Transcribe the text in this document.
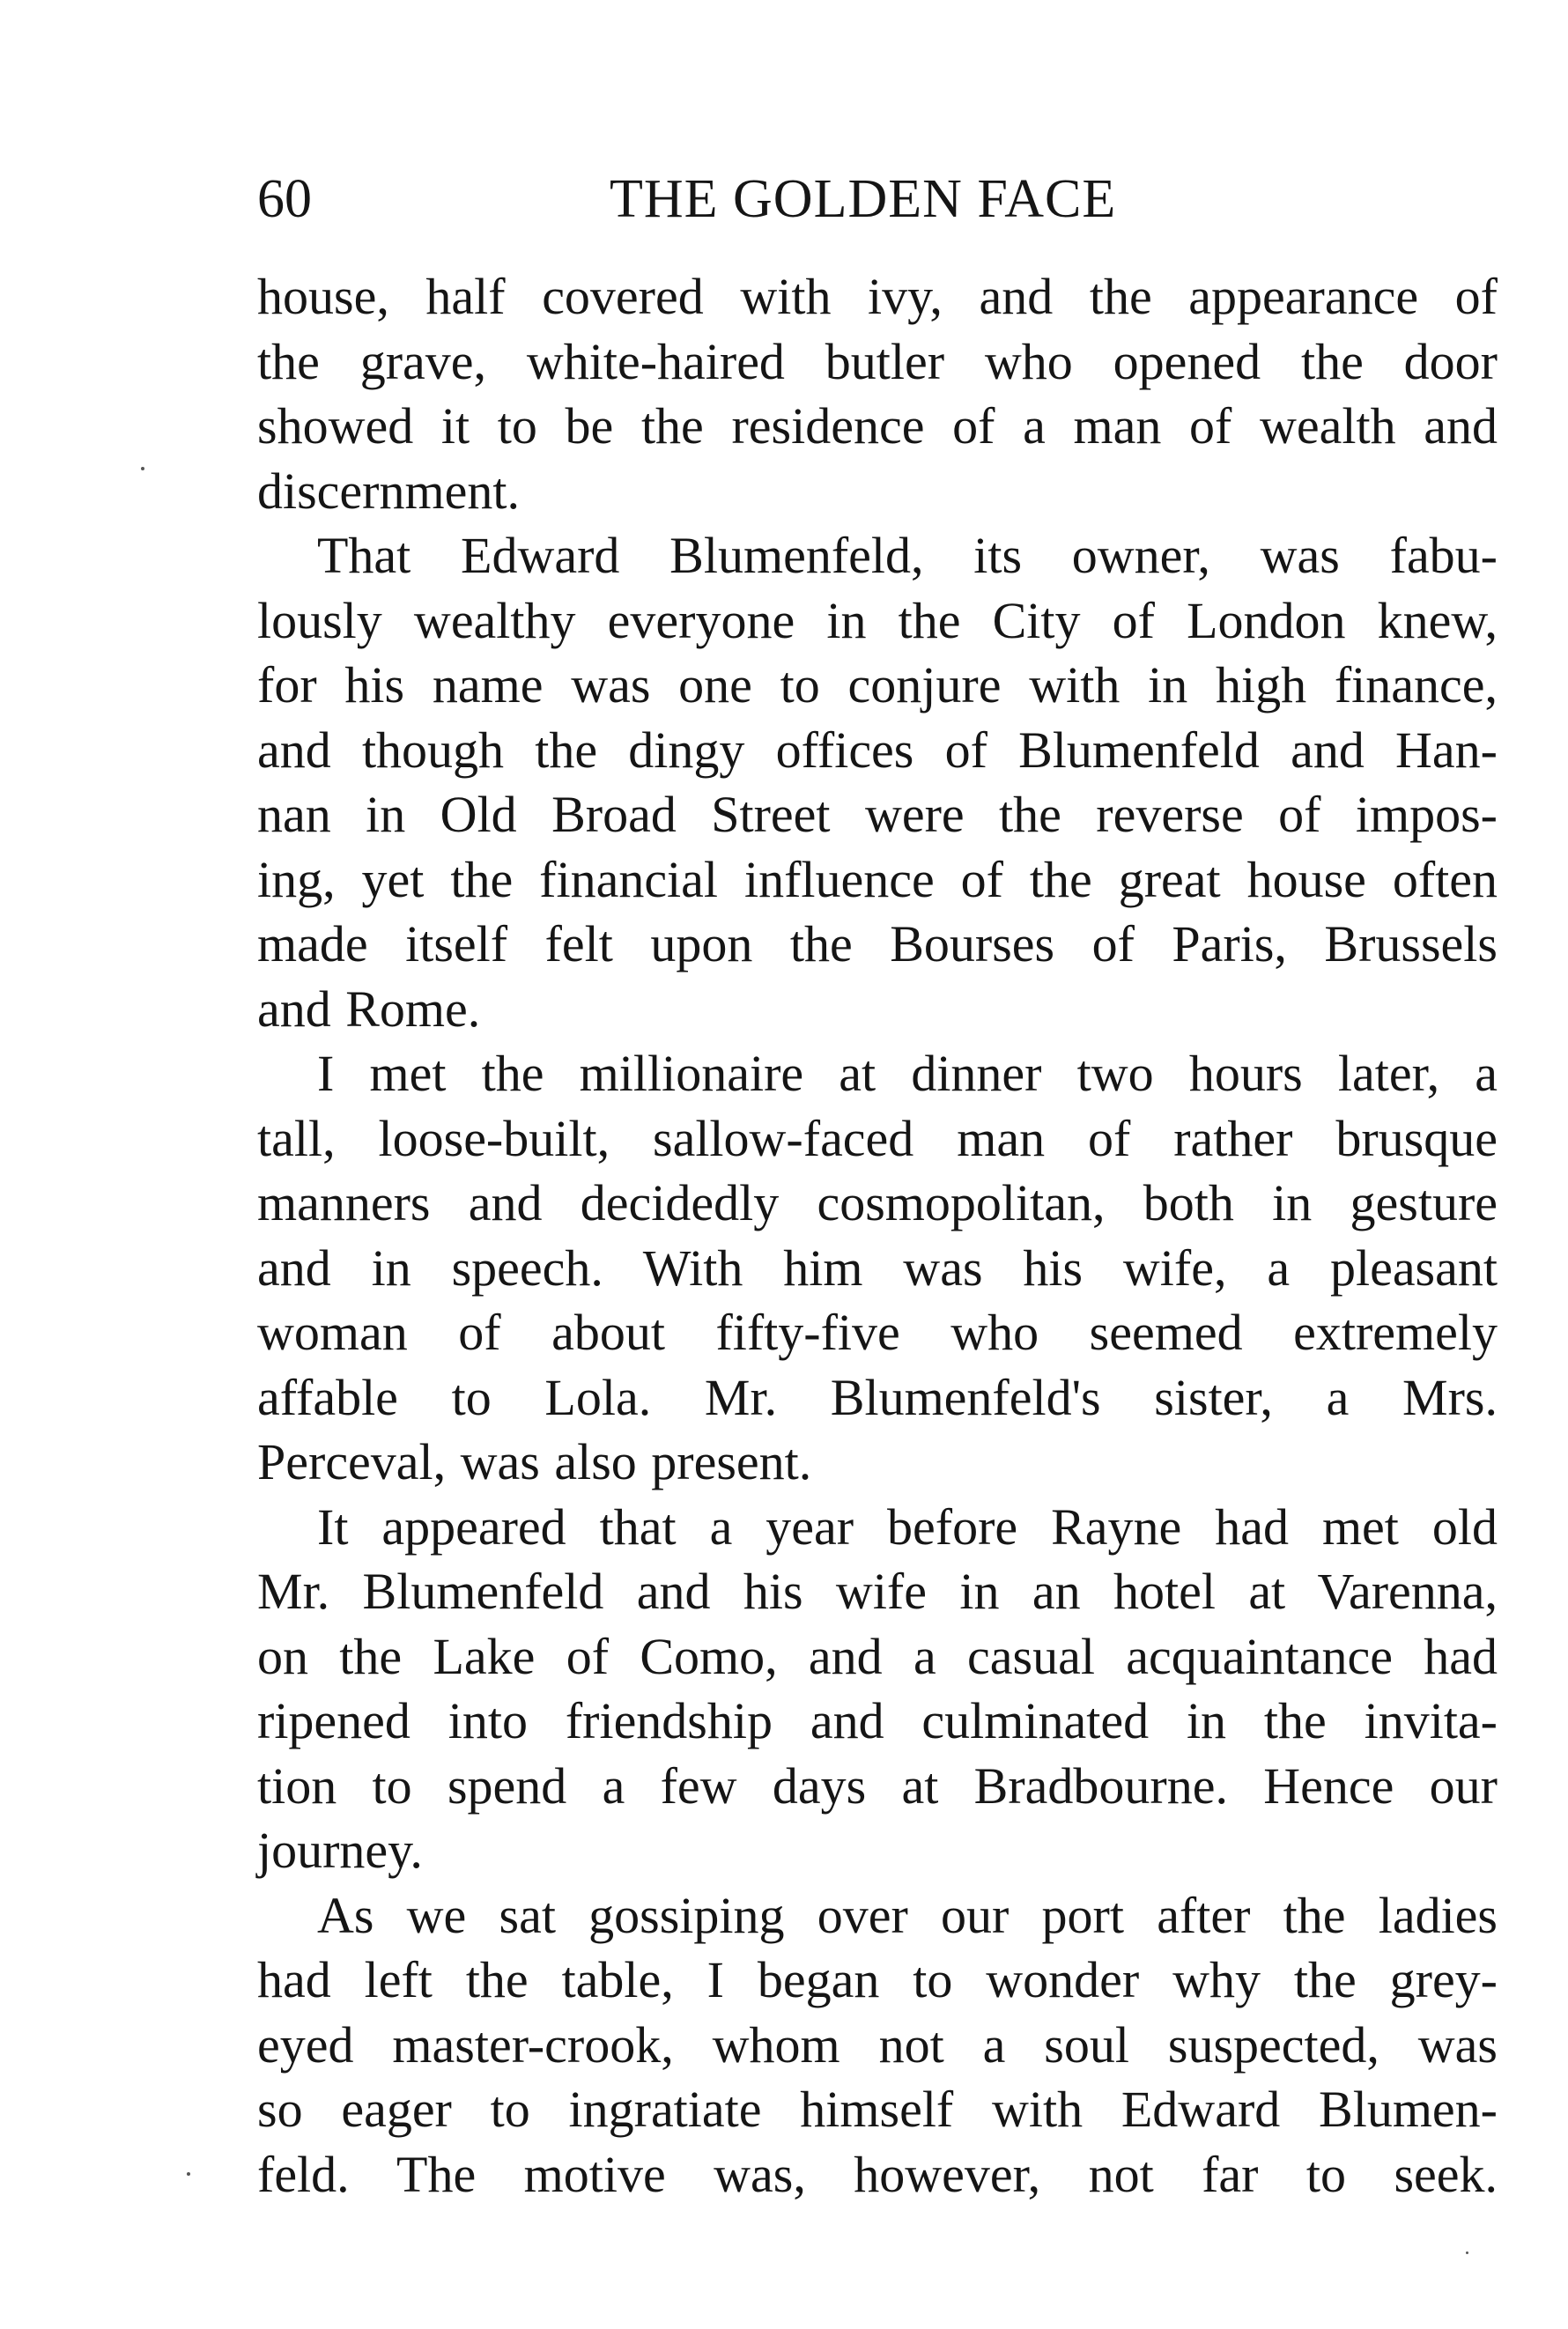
60	THE GOLDEN FACE
house, half covered with ivy, and the appearance of
the grave, white-haired butler who opened the door
showed it to be the residence of a man of wealth and
discernment.
That Edward Blumenfeld, its owner, was fabu-
lously wealthy everyone in the City of London knew,
for his name was one to conjure with in high finance,
and though the dingy offices of Blumenfeld and Han-
nan in Old Broad Street were the reverse of impos-
ing, yet the financial influence of the great house often
made itself felt upon the Bourses of Paris, Brussels
and Rome.
I met the millionaire at dinner two hours later, a
tall, loose-built, sallow-faced man of rather brusque
manners and decidedly cosmopolitan, both in gesture
and in speech. With him was his wife, a pleasant
woman of about fifty-five who seemed extremely
affable to Lola. Mr. Blumenfeld's sister, a Mrs.
Perceval, was also present.
It appeared that a year before Rayne had met old
Mr. Blumenfeld and his wife in an hotel at Varenna,
on the Lake of Como, and a casual acquaintance had
ripened into friendship and culminated in the invita-
tion to spend a few days at Bradbourne. Hence our
journey.
As we sat gossiping over our port after the ladies
had left the table, I began to wonder why the grey-
eyed master-crook, whom not a soul suspected, was
so eager to ingratiate himself with Edward Blumen-
feld. The motive was, however, not far to seek.
